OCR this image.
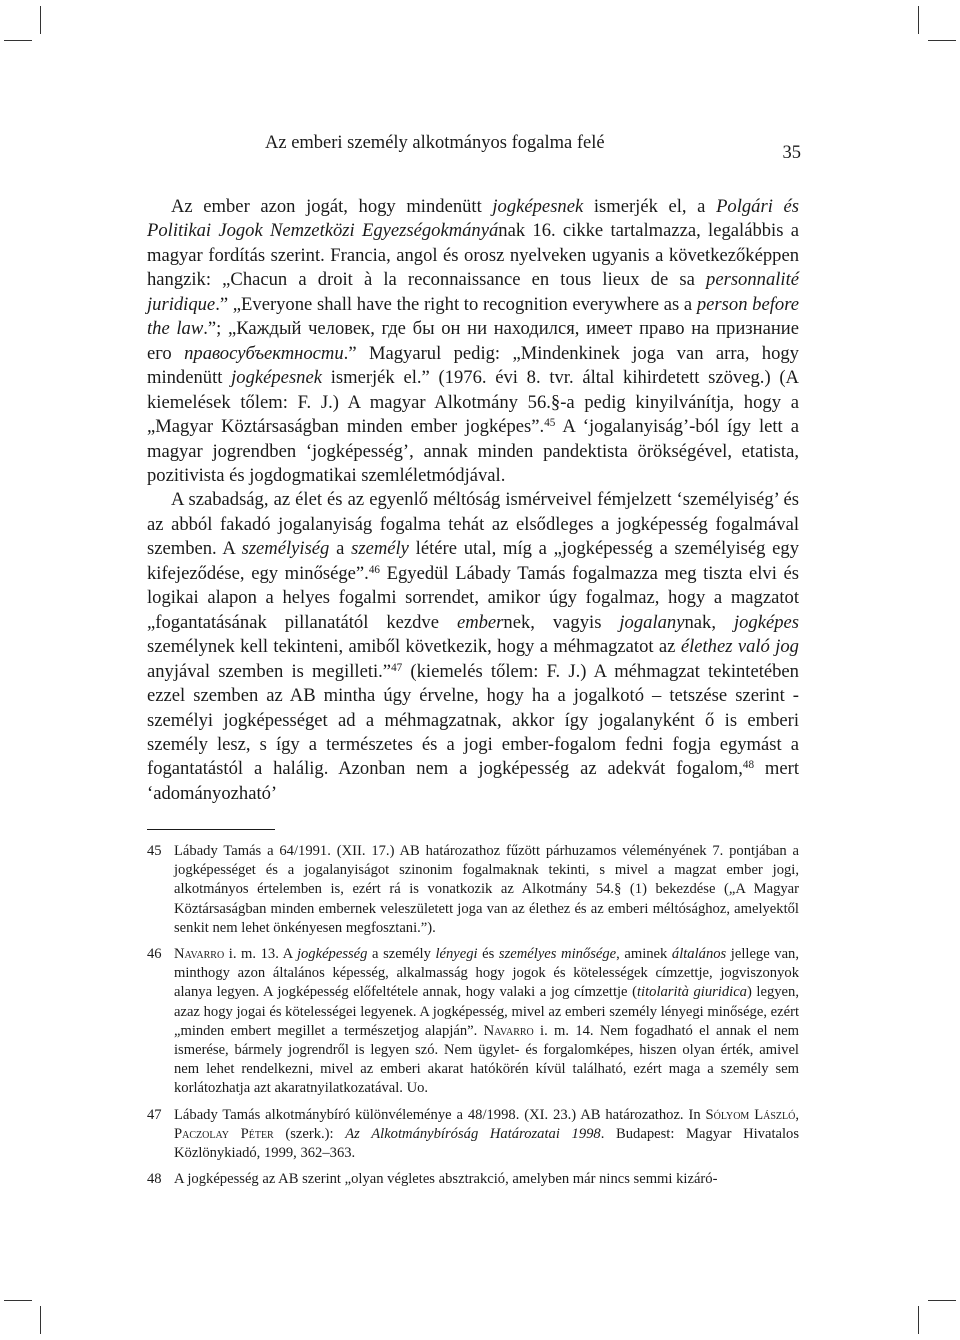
Az emberi személy alkotmányos fogalma felé	35

Az ember azon jogát, hogy mindenütt jogképesnek ismerjék el, a Polgári és Politikai Jogok Nemzetközi Egyezségokmányának 16. cikke tartalmazza, legalábbis a magyar fordítás szerint. Francia, angol és orosz nyelveken ugyanis a következőképpen hangzik: „Chacun a droit à la reconnaissance en tous lieux de sa personnalité juridique.” „Everyone shall have the right to recognition everywhere as a person before the law.”; „Каждый человек, где бы он ни находился, имеет право на признание его правосубъектности.” Magyarul pedig: „Mindenkinek joga van arra, hogy mindenütt jogképesnek ismerjék el.” (1976. évi 8. tvr. által kihirdetett szöveg.) (A kiemelések tőlem: F. J.) A magyar Alkotmány 56.§-a pedig kinyilvánítja, hogy a „Magyar Köztársaságban minden ember jogképes”.$^{45}$ A ‘jogalanyiság’-ból így lett a magyar jogrendben ‘jogképesség’, annak minden pandektista örökségével, etatista, pozitivista és jogdogmatikai szemléletmódjával.

A szabadság, az élet és az egyenlő méltóság ismérveivel fémjelzett ‘személyiség’ és az abból fakadó jogalanyiság fogalma tehát az elsődleges a jogképesség fogalmával szemben. A személyiség a személy létére utal, míg a „jogképesség a személyiség egy kifejeződése, egy minősége”.$^{46}$ Egyedül Lábady Tamás fogalmazza meg tiszta elvi és logikai alapon a helyes fogalmi sorrendet, amikor úgy fogalmaz, hogy a magzatot „fogantatásának pillanatától kezdve embernek, vagyis jogalanynak, jogképes személynek kell tekinteni, amiből következik, hogy a méhmagzatot az élethez való jog anyjával szemben is megilleti.”$^{47}$ (kiemelés tőlem: F. J.) A méhmagzat tekintetében ezzel szemben az AB mintha úgy érvelne, hogy ha a jogalkotó – tetszése szerint - személyi jogképességet ad a méhmagzatnak, akkor így jogalanyként ő is emberi személy lesz, s így a természetes és a jogi ember-fogalom fedni fogja egymást a fogantatástól a halálig. Azonban nem a jogképesség az adekvát fogalom,$^{48}$ mert ‘adományozható’

45 Lábady Tamás a 64/1991. (XII. 17.) AB határozathoz fűzött párhuzamos véleményének 7. pontjában a jogképességet és a jogalanyiságot szinonim fogalmaknak tekinti, s mivel a magzat ember jogi, alkotmányos értelemben is, ezért rá is vonatkozik az Alkotmány 54.§ (1) bekezdése („A Magyar Köztársaságban minden embernek veleszületett joga van az élethez és az emberi méltósághoz, amelyektől senkit nem lehet önkényesen megfosztani.”).
46 Navarro i. m. 13. A jogképesség a személy lényegi és személyes minősége, aminek általános jellege van, minthogy azon általános képesség, alkalmasság hogy jogok és kötelességek címzettje, jogviszonyok alanya legyen. A jogképesség előfeltétele annak, hogy valaki a jog címzettje (titolarità giuridica) legyen, azaz hogy jogai és kötelességei legyenek. A jogképesség, mivel az emberi személy lényegi minősége, ezért „minden embert megillet a természetjog alapján”. Navarro i. m. 14. Nem fogadható el annak el nem ismerése, bármely jogrendről is legyen szó. Nem ügylet- és forgalomképes, hiszen olyan érték, amivel nem lehet rendelkezni, mivel az emberi akarat hatókörén kívül található, ezért maga a személy sem korlátozhatja azt akaratnyilatkozatával. Uo.
47 Lábady Tamás alkotmánybíró különvéleménye a 48/1998. (XI. 23.) AB határozathoz. In Sólyom László, Paczolay Péter (szerk.): Az Alkotmánybíróság Határozatai 1998. Budapest: Magyar Hivatalos Közlönykiadó, 1999, 362–363.
48 A jogképesség az AB szerint „olyan végletes absztrakció, amelyben már nincs semmi kizáró-
